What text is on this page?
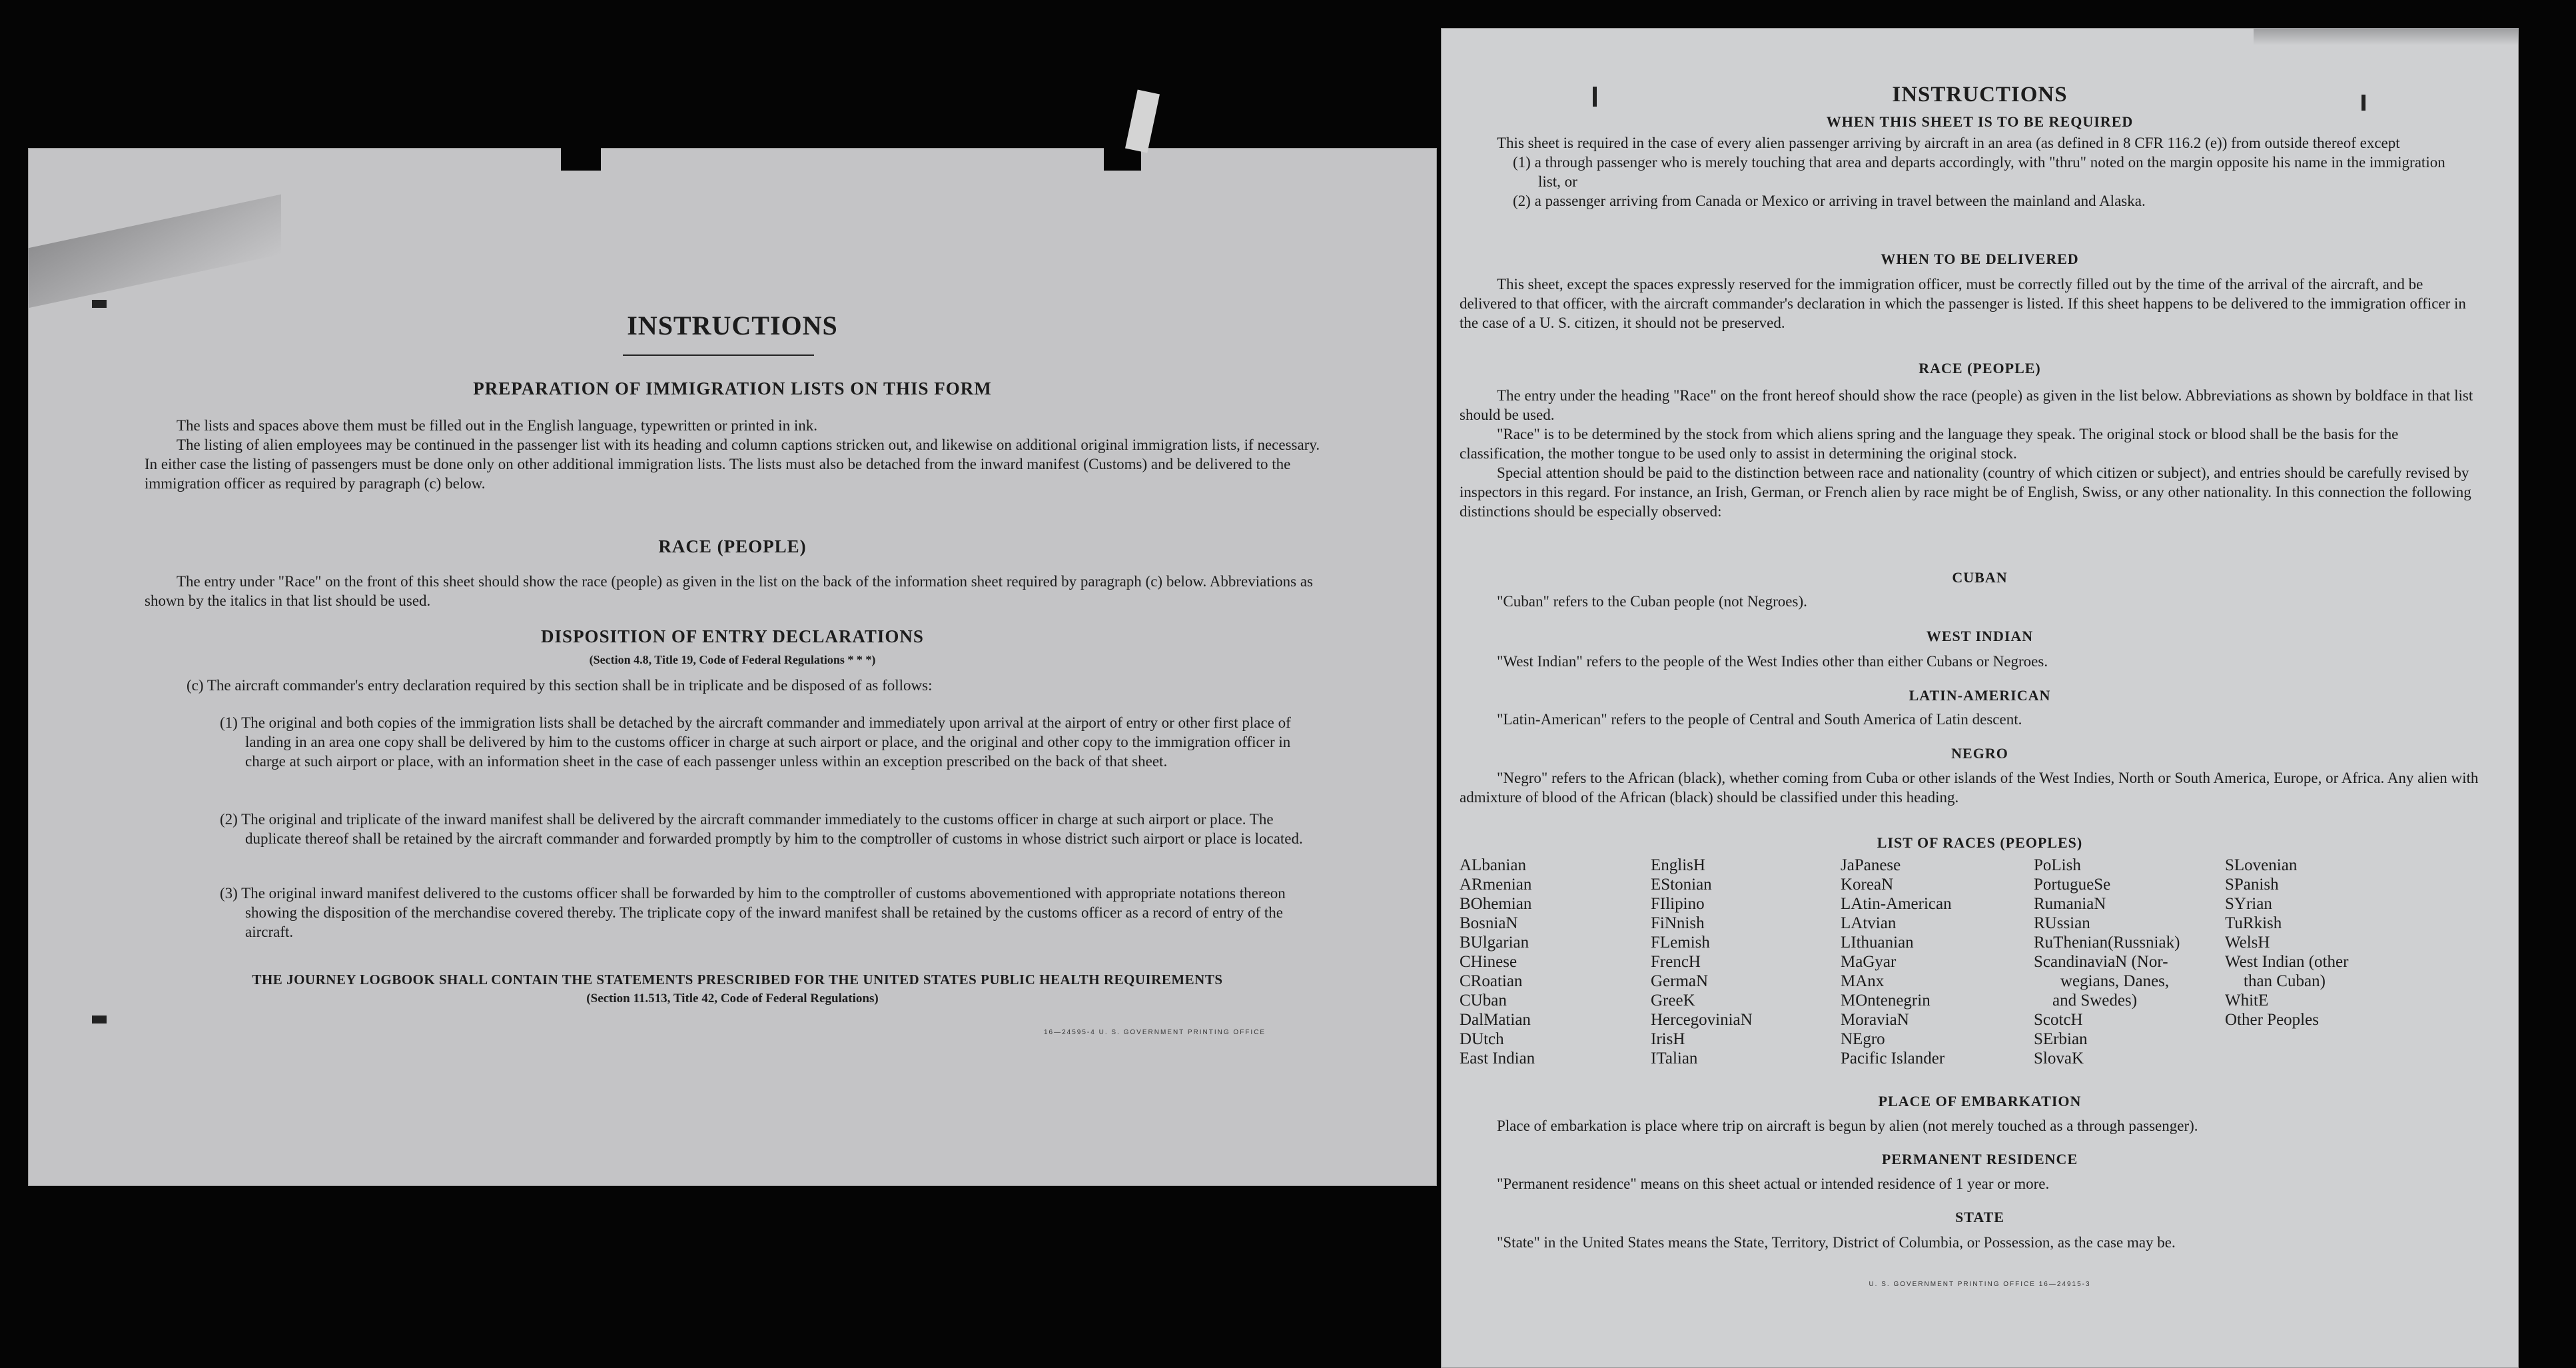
INSTRUCTIONS
PREPARATION OF IMMIGRATION LISTS ON THIS FORM

The lists and spaces above them must be filled out in the English language, typewritten or printed in ink.

The listing of alien employees may be continued in the passenger list with its heading and column captions stricken out, and likewise on additional original immigration lists, if necessary. In either case the listing of passengers must be done only on other additional immigration lists. The lists must also be detached from the inward manifest (Customs) and be delivered to the immigration officer as required by paragraph (c) below.

RACE (PEOPLE)

The entry under "Race" on the front of this sheet should show the race (people) as given in the list on the back of the information sheet required by paragraph (c) below. Abbreviations as shown by the italics in that list should be used.

DISPOSITION OF ENTRY DECLARATIONS
(Section 4.8, Title 19, Code of Federal Regulations * * *)

(c) The aircraft commander's entry declaration required by this section shall be in triplicate and be disposed of as follows:

(1) The original and both copies of the immigration lists shall be detached by the aircraft commander and immediately upon arrival at the airport of entry or other first place of landing in an area one copy shall be delivered by him to the customs officer in charge at such airport or place, and the original and other copy to the immigration officer in charge at such airport or place, with an information sheet in the case of each passenger unless within an exception prescribed on the back of that sheet.

(2) The original and triplicate of the inward manifest shall be delivered by the aircraft commander immediately to the customs officer in charge at such airport or place. The duplicate thereof shall be retained by the aircraft commander and forwarded promptly by him to the comptroller of customs in whose district such airport or place is located.

(3) The original inward manifest delivered to the customs officer shall be forwarded by him to the comptroller of customs abovementioned with appropriate notations thereon showing the disposition of the merchandise covered thereby. The triplicate copy of the inward manifest shall be retained by the customs officer as a record of entry of the aircraft.

THE JOURNEY LOGBOOK SHALL CONTAIN THE STATEMENTS PRESCRIBED FOR THE UNITED STATES PUBLIC HEALTH REQUIREMENTS
(Section 11.513, Title 42, Code of Federal Regulations)
16—24595-4 U. S. GOVERNMENT PRINTING OFFICE
INSTRUCTIONS
WHEN THIS SHEET IS TO BE REQUIRED

This sheet is required in the case of every alien passenger arriving by aircraft in an area (as defined in 8 CFR 116.2 (e)) from outside thereof except

(1) a through passenger who is merely touching that area and departs accordingly, with "thru" noted on the margin opposite his name in the immigration list, or

(2) a passenger arriving from Canada or Mexico or arriving in travel between the mainland and Alaska.

WHEN TO BE DELIVERED

This sheet, except the spaces expressly reserved for the immigration officer, must be correctly filled out by the time of the arrival of the aircraft, and be delivered to that officer, with the aircraft commander's declaration in which the passenger is listed. If this sheet happens to be delivered to the immigration officer in the case of a U. S. citizen, it should not be preserved.

RACE (PEOPLE)

The entry under the heading "Race" on the front hereof should show the race (people) as given in the list below. Abbreviations as shown by boldface in that list should be used.

"Race" is to be determined by the stock from which aliens spring and the language they speak. The original stock or blood shall be the basis for the classification, the mother tongue to be used only to assist in determining the original stock.

Special attention should be paid to the distinction between race and nationality (country of which citizen or subject), and entries should be carefully revised by inspectors in this regard. For instance, an Irish, German, or French alien by race might be of English, Swiss, or any other nationality. In this connection the following distinctions should be especially observed:

CUBAN

"Cuban" refers to the Cuban people (not Negroes).

WEST INDIAN

"West Indian" refers to the people of the West Indies other than either Cubans or Negroes.

LATIN-AMERICAN

"Latin-American" refers to the people of Central and South America of Latin descent.

NEGRO

"Negro" refers to the African (black), whether coming from Cuba or other islands of the West Indies, North or South America, Europe, or Africa. Any alien with admixture of blood of the African (black) should be classified under this heading.

LIST OF RACES (PEOPLES)
ALbanian
ARmenian
BOhemian
BosniaN
BUlgarian
CHinese
CRoatian
CUban
DalMatian
DUtch
East Indian
EnglisH
EStonian
FIlipino
FiNnish
FLemish
FrencH
GermaN
GreeK
HercegoviniaN
IrisH
ITalian
JaPanese
KoreaN
LAtin-American
LAtvian
LIthuanian
MaGyar
MAnx
MOntenegrin
MoraviaN
NEgro
Pacific Islander
PoLish
PortugueSe
RumaniaN
RUssian
RuThenian(Russniak)
ScandinaviaN (Nor-
wegians, Danes,
and Swedes)
ScotcH
SErbian
SlovaK
SLovenian
SPanish
SYrian
TuRkish
WelsH
West Indian (other
than Cuban)
WhitE
Other Peoples
PLACE OF EMBARKATION

Place of embarkation is place where trip on aircraft is begun by alien (not merely touched as a through passenger).

PERMANENT RESIDENCE

"Permanent residence" means on this sheet actual or intended residence of 1 year or more.

STATE

"State" in the United States means the State, Territory, District of Columbia, or Possession, as the case may be.

U. S. GOVERNMENT PRINTING OFFICE 16—24915-3
